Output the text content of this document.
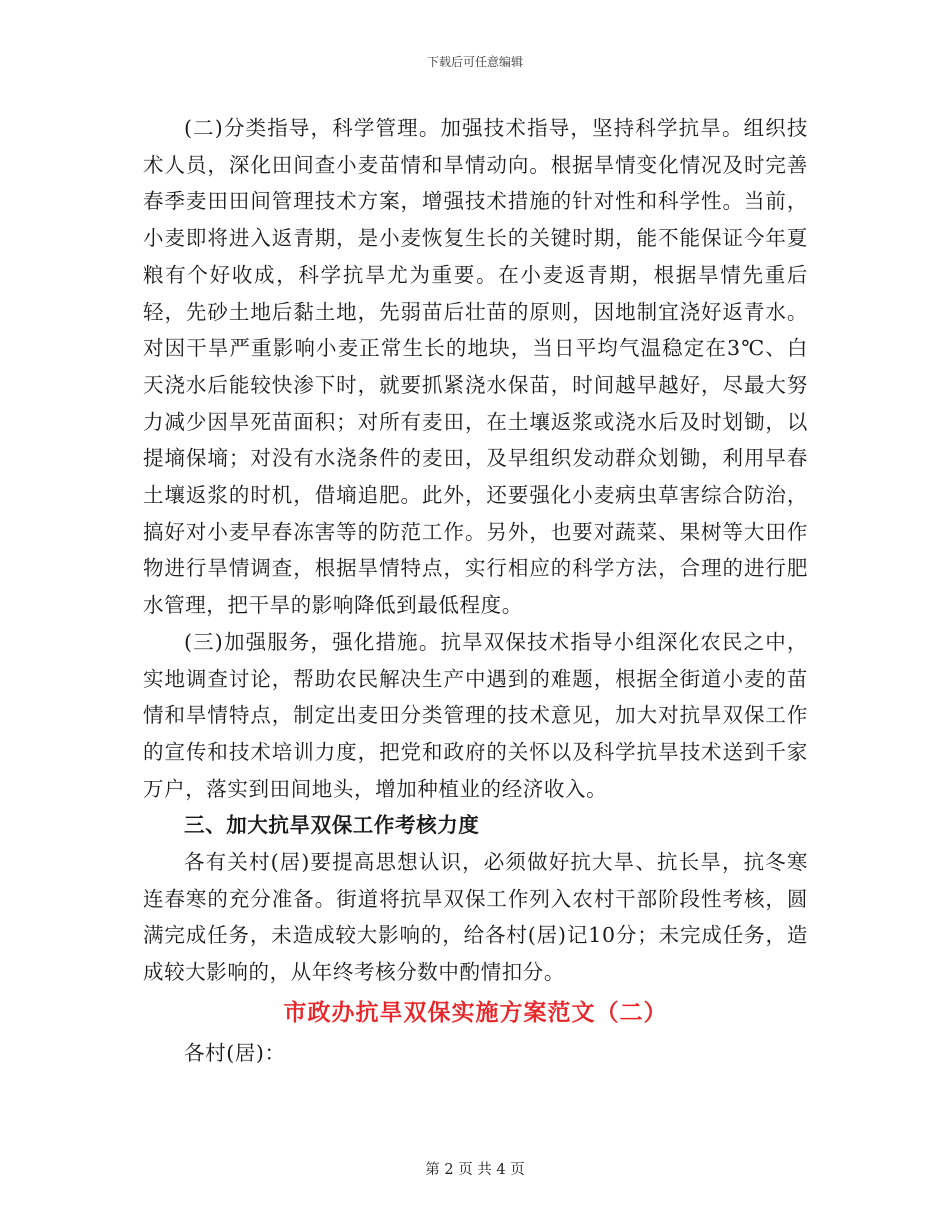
下载后可任意编辑

(二)分类指导，科学管理。加强技术指导，坚持科学抗旱。组织技术人员，深化田间查小麦苗情和旱情动向。根据旱情变化情况及时完善春季麦田田间管理技术方案，增强技术措施的针对性和科学性。当前，小麦即将进入返青期，是小麦恢复生长的关键时期，能不能保证今年夏粮有个好收成，科学抗旱尤为重要。在小麦返青期，根据旱情先重后轻，先砂土地后黏土地，先弱苗后壮苗的原则，因地制宜浇好返青水。对因干旱严重影响小麦正常生长的地块，当日平均气温稳定在3℃、白天浇水后能较快渗下时，就要抓紧浇水保苗，时间越早越好，尽最大努力减少因旱死苗面积；对所有麦田，在土壤返浆或浇水后及时划锄，以提墒保墒；对没有水浇条件的麦田，及早组织发动群众划锄，利用早春土壤返浆的时机，借墒追肥。此外，还要强化小麦病虫草害综合防治，搞好对小麦早春冻害等的防范工作。另外，也要对蔬菜、果树等大田作物进行旱情调查，根据旱情特点，实行相应的科学方法，合理的进行肥水管理，把干旱的影响降低到最低程度。

(三)加强服务，强化措施。抗旱双保技术指导小组深化农民之中，实地调查讨论，帮助农民解决生产中遇到的难题，根据全街道小麦的苗情和旱情特点，制定出麦田分类管理的技术意见，加大对抗旱双保工作的宣传和技术培训力度，把党和政府的关怀以及科学抗旱技术送到千家万户，落实到田间地头，增加种植业的经济收入。

三、加大抗旱双保工作考核力度

各有关村(居)要提高思想认识，必须做好抗大旱、抗长旱，抗冬寒连春寒的充分准备。街道将抗旱双保工作列入农村干部阶段性考核，圆满完成任务，未造成较大影响的，给各村(居)记10分；未完成任务，造成较大影响的，从年终考核分数中酌情扣分。

市政办抗旱双保实施方案范文（二）

各村(居)：

第 2 页 共 4 页
